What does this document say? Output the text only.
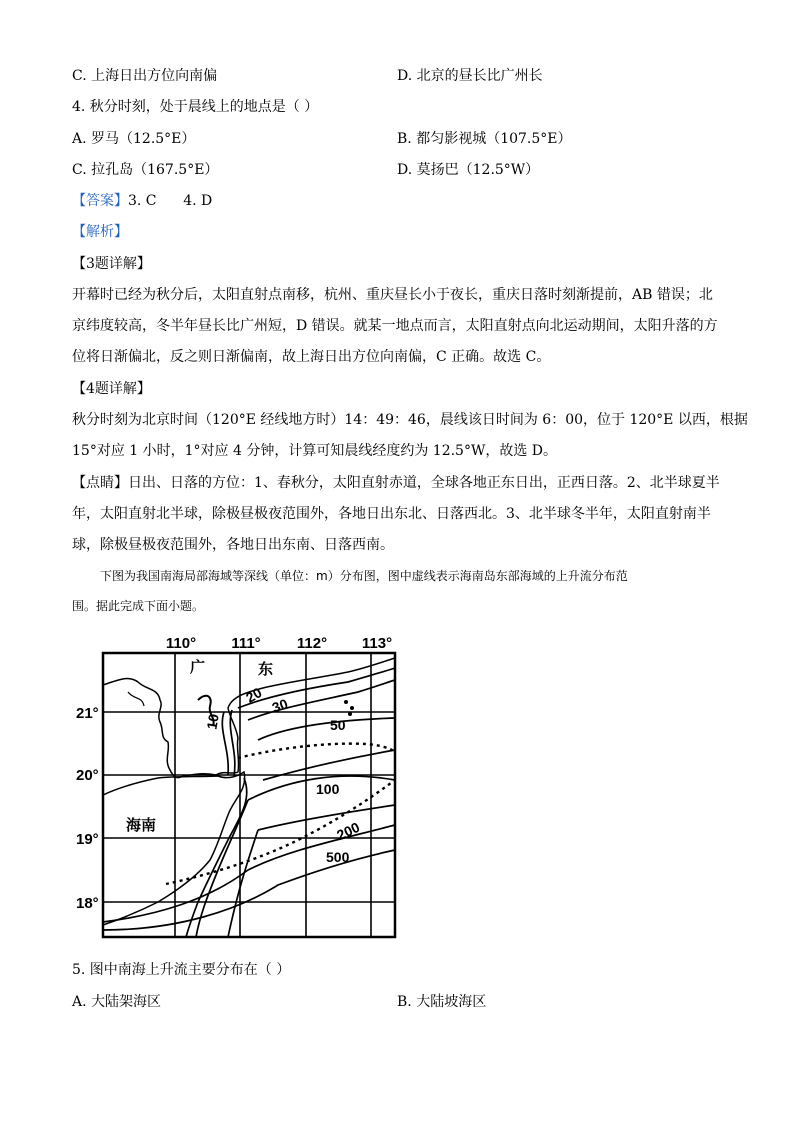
C. 上海日出方位向南偏	D. 北京的昼长比广州长
4. 秋分时刻，处于晨线上的地点是（ ）
A. 罗马（12.5°E）	B. 都匀影视城（107.5°E）
C. 拉孔岛（167.5°E）	D. 莫扬巴（12.5°W）
【答案】3. C      4. D
【解析】
【3题详解】
开幕时已经为秋分后，太阳直射点南移，杭州、重庆昼长小于夜长，重庆日落时刻渐提前，AB 错误；北
京纬度较高，冬半年昼长比广州短，D 错误。就某一地点而言，太阳直射点向北运动期间，太阳升落的方
位将日渐偏北，反之则日渐偏南，故上海日出方位向南偏，C 正确。故选 C。
【4题详解】
秋分时刻为北京时间（120°E 经线地方时）14：49：46，晨线该日时间为 6：00，位于 120°E 以西，根据
15°对应 1 小时，1°对应 4 分钟，计算可知晨线经度约为 12.5°W，故选 D。
【点睛】日出、日落的方位：1、春秋分，太阳直射赤道，全球各地正东日出，正西日落。2、北半球夏半
年，太阳直射北半球，除极昼极夜范围外，各地日出东北、日落西北。3、北半球冬半年，太阳直射南半
球，除极昼极夜范围外，各地日出东南、日落西南。
下图为我国南海局部海域等深线（单位：m）分布图，图中虚线表示海南岛东部海域的上升流分布范
围。据此完成下面小题。
110° 111° 112° 113°
21°
20°
19°
18°
广	东
海南
10
20 30
50
100
200
500
5. 图中南海上升流主要分布在（ ）
A. 大陆架海区	B. 大陆坡海区
